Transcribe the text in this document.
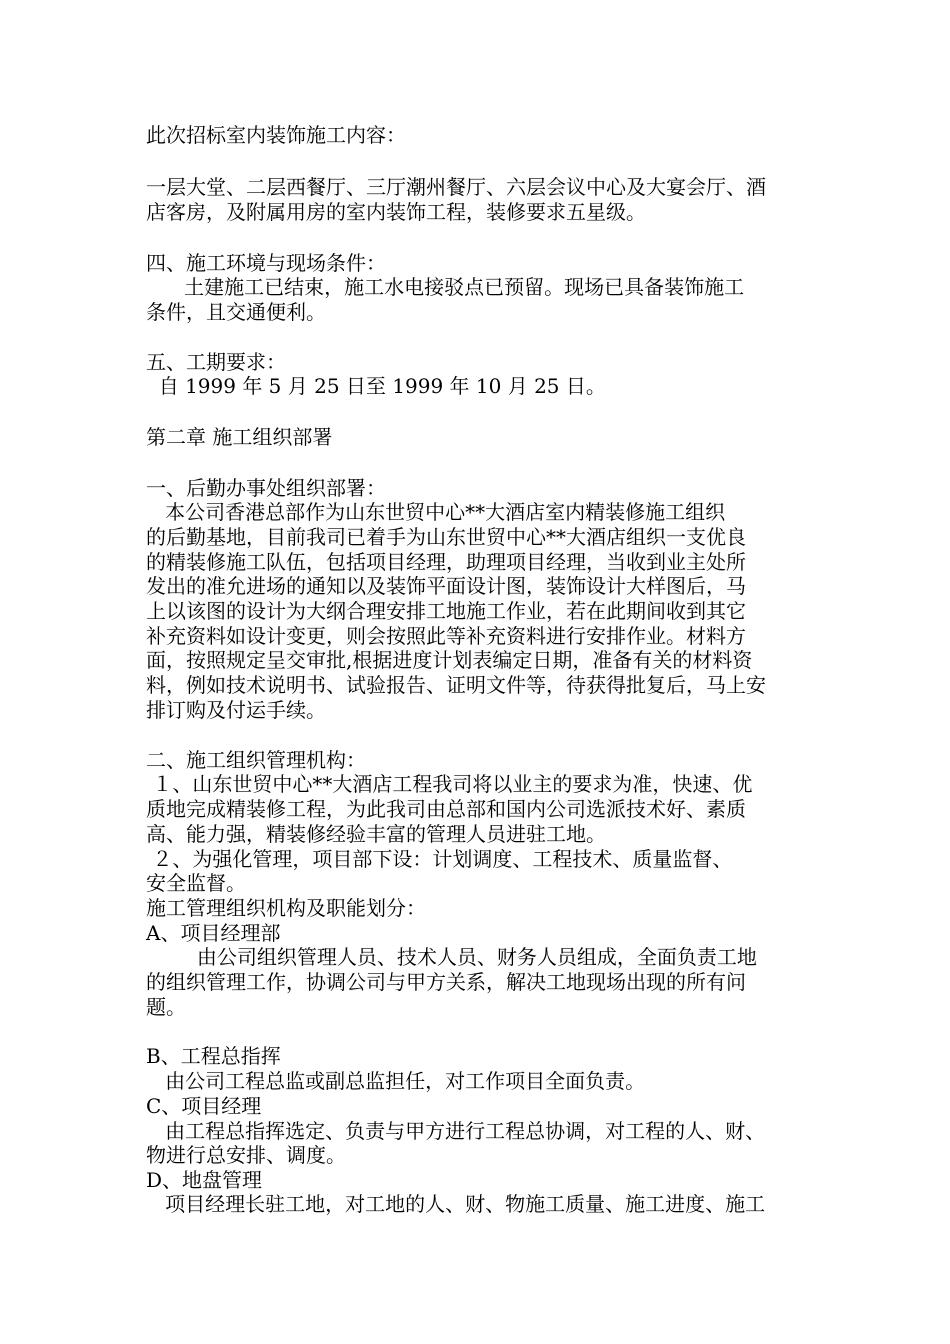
此次招标室内装饰施工内容：
一层大堂、二层西餐厅、三厅潮州餐厅、六层会议中心及大宴会厅、酒
店客房，及附属用房的室内装饰工程，装修要求五星级。
四、施工环境与现场条件：
土建施工已结束，施工水电接驳点已预留。现场已具备装饰施工
条件，且交通便利。
五、工期要求：
自 1999 年 5 月 25 日至 1999 年 10 月 25 日。
第二章 施工组织部署
一、后勤办事处组织部署：
本公司香港总部作为山东世贸中心**大酒店室内精装修施工组织
的后勤基地，目前我司已着手为山东世贸中心**大酒店组织一支优良
的精装修施工队伍，包括项目经理，助理项目经理，当收到业主处所
发出的准允进场的通知以及装饰平面设计图，装饰设计大样图后，马
上以该图的设计为大纲合理安排工地施工作业，若在此期间收到其它
补充资料如设计变更，则会按照此等补充资料进行安排作业。材料方
面，按照规定呈交审批,根据进度计划表编定日期，准备有关的材料资
料，例如技术说明书、试验报告、证明文件等，待获得批复后，马上安
排订购及付运手续。
二、施工组织管理机构：
１、山东世贸中心**大酒店工程我司将以业主的要求为准，快速、优
质地完成精装修工程，为此我司由总部和国内公司选派技术好、素质
高、能力强，精装修经验丰富的管理人员进驻工地。
２、为强化管理，项目部下设：计划调度、工程技术、质量监督、
安全监督。
施工管理组织机构及职能划分：
A、项目经理部
由公司组织管理人员、技术人员、财务人员组成，全面负责工地
的组织管理工作，协调公司与甲方关系，解决工地现场出现的所有问
题。
B、工程总指挥
由公司工程总监或副总监担任，对工作项目全面负责。
C、项目经理
由工程总指挥选定、负责与甲方进行工程总协调，对工程的人、财、
物进行总安排、调度。
D、地盘管理
项目经理长驻工地，对工地的人、财、物施工质量、施工进度、施工
